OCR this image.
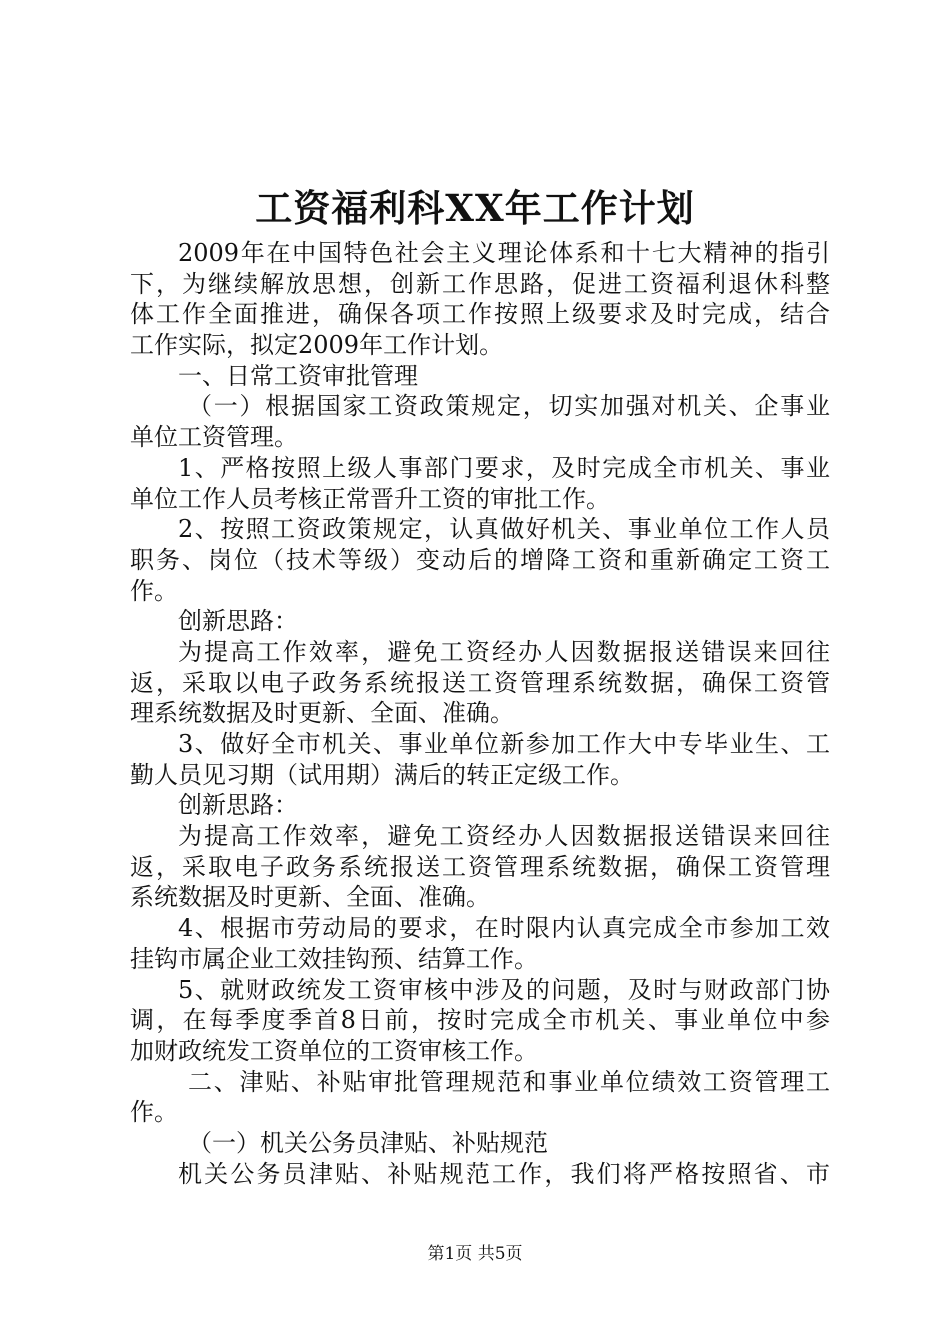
工资福利科XX年工作计划
2009年在中国特色社会主义理论体系和十七大精神的指引
下，为继续解放思想，创新工作思路，促进工资福利退休科整
体工作全面推进，确保各项工作按照上级要求及时完成，结合
工作实际，拟定2009年工作计划。
一、日常工资审批管理
（一）根据国家工资政策规定，切实加强对机关、企事业
单位工资管理。
1、严格按照上级人事部门要求，及时完成全市机关、事业
单位工作人员考核正常晋升工资的审批工作。
2、按照工资政策规定，认真做好机关、事业单位工作人员
职务、岗位（技术等级）变动后的增降工资和重新确定工资工
作。
创新思路：
为提高工作效率，避免工资经办人因数据报送错误来回往
返，采取以电子政务系统报送工资管理系统数据，确保工资管
理系统数据及时更新、全面、准确。
3、做好全市机关、事业单位新参加工作大中专毕业生、工
勤人员见习期（试用期）满后的转正定级工作。
创新思路：
为提高工作效率，避免工资经办人因数据报送错误来回往
返，采取电子政务系统报送工资管理系统数据，确保工资管理
系统数据及时更新、全面、准确。
4、根据市劳动局的要求，在时限内认真完成全市参加工效
挂钩市属企业工效挂钩预、结算工作。
5、就财政统发工资审核中涉及的问题，及时与财政部门协
调，在每季度季首8日前，按时完成全市机关、事业单位中参
加财政统发工资单位的工资审核工作。
二、津贴、补贴审批管理规范和事业单位绩效工资管理工
作。
（一）机关公务员津贴、补贴规范
机关公务员津贴、补贴规范工作，我们将严格按照省、市
第1页 共5页
